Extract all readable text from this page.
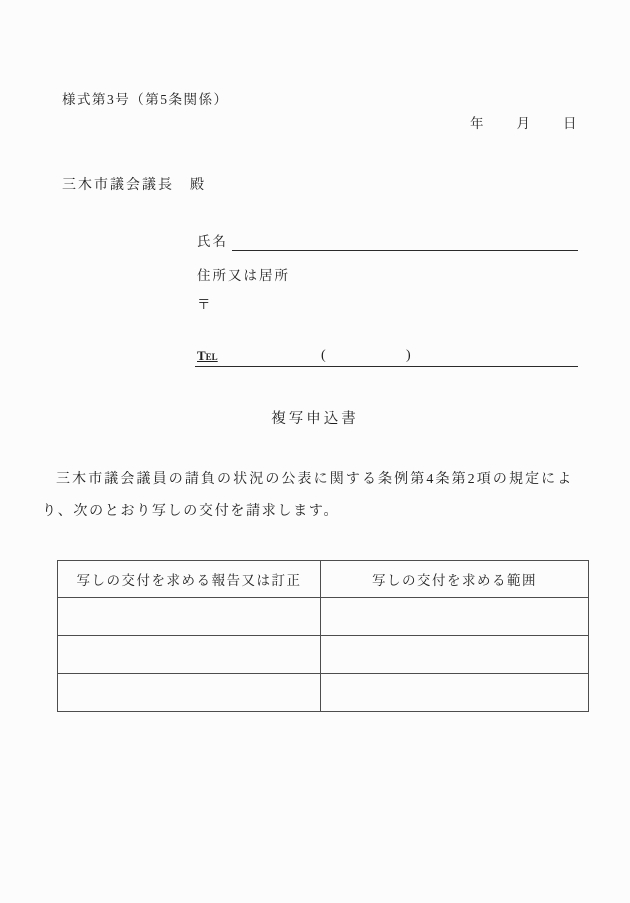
様式第3号（第5条関係）
年 月 日
三木市議会議長　殿
氏名
住所又は居所
〒
Tel	(	)
複写申込書
三木市議会議員の請負の状況の公表に関する条例第4条第2項の規定により、次のとおり写しの交付を請求します。
写しの交付を求める報告又は訂正	写しの交付を求める範囲
